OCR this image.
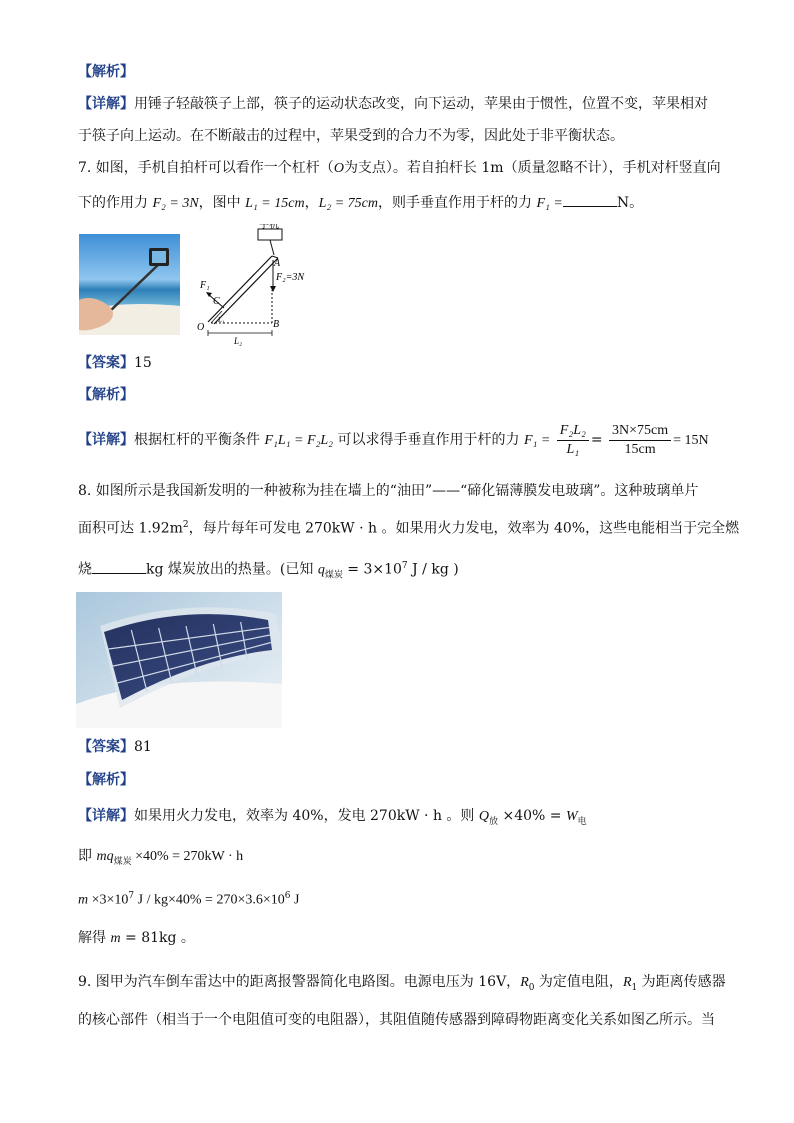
【解析】
【详解】用锤子轻敲筷子上部，筷子的运动状态改变，向下运动，苹果由于惯性，位置不变，苹果相对
于筷子向上运动。在不断敲击的过程中，苹果受到的合力不为零，因此处于非平衡状态。
7. 如图，手机自拍杆可以看作一个杠杆（O为支点）。若自拍杆长 1m（质量忽略不计），手机对杆竖直向
下的作用力 F₂ = 3N，图中 L₁ = 15cm，L₂ = 75cm，则手垂直作用于杆的力 F₁ =	N。
手机
A
F₂=3N
F₁
C
O	B
L₁
L₂
【答案】15
【解析】
【详解】根据杠杆的平衡条件 F₁L₁ = F₂L₂ 可以求得手垂直作用于杆的力 $F_1 = \frac{\text{F₂L₂}}{\text{L₁}} = \frac{3N\times 75cm}{15cm} = 15N$
8. 如图所示是我国新发明的一种被称为挂在墙上的“油田”——“碲化镉薄膜发电玻璃”。这种玻璃单片
面积可达 $1.92m^2$，每片每年可发电 270kW · h 。如果用火力发电，效率为 40%，这些电能相当于完全燃
烧	kg 煤炭放出的热量。(已知 $q_{煤炭} = 3\times 10^7$ J / kg )
【答案】81
【解析】
【详解】如果用火力发电，效率为 40%，发电 270kW · h 。则 $Q_放 \times 40\% = W_电$
即 $mq_{煤炭} \times 40\% = 270kW \cdot h$
$m \times 3\times 10^7$ $J / kg\times 40\% = 270\times 3.6\times 10^6$ J
解得 m = 81kg 。
9. 图甲为汽车倒车雷达中的距离报警器简化电路图。电源电压为 16V，$R_0$ 为定值电阻，$R_1$ 为距离传感器
的核心部件（相当于一个电阻值可变的电阻器），其阻值随传感器到障碍物距离变化关系如图乙所示。当
